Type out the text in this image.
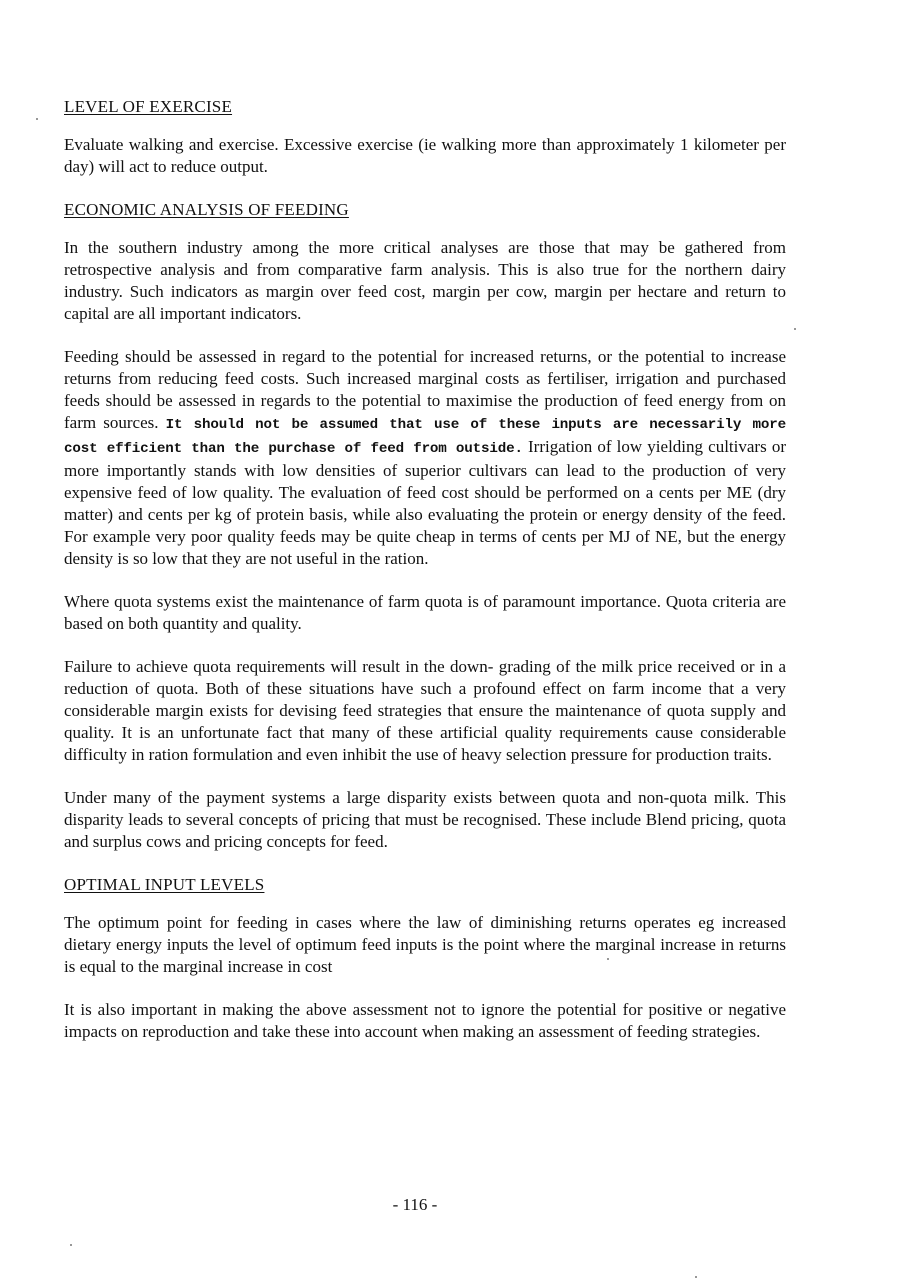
LEVEL OF EXERCISE

Evaluate walking and exercise. Excessive exercise (ie walking more than approximately 1 kilometer per day) will act to reduce output.

ECONOMIC ANALYSIS OF FEEDING

In the southern industry among the more critical analyses are those that may be gathered from retrospective analysis and from comparative farm analysis. This is also true for the northern dairy industry. Such indicators as margin over feed cost, margin per cow, margin per hectare and return to capital are all important indicators.

Feeding should be assessed in regard to the potential for increased returns, or the potential to increase returns from reducing feed costs. Such increased marginal costs as fertiliser, irrigation and purchased feeds should be assessed in regards to the potential to maximise the production of feed energy from on farm sources. It should not be assumed that use of these inputs are necessarily more cost efficient than the purchase of feed from outside. Irrigation of low yielding cultivars or more importantly stands with low densities of superior cultivars can lead to the production of very expensive feed of low quality. The evaluation of feed cost should be performed on a cents per ME (dry matter) and cents per kg of protein basis, while also evaluating the protein or energy density of the feed. For example very poor quality feeds may be quite cheap in terms of cents per MJ of NE, but the energy density is so low that they are not useful in the ration.

Where quota systems exist the maintenance of farm quota is of paramount importance. Quota criteria are based on both quantity and quality.

Failure to achieve quota requirements will result in the down- grading of the milk price received or in a reduction of quota. Both of these situations have such a profound effect on farm income that a very considerable margin exists for devising feed strategies that ensure the maintenance of quota supply and quality. It is an unfortunate fact that many of these artificial quality requirements cause considerable difficulty in ration formulation and even inhibit the use of heavy selection pressure for production traits.

Under many of the payment systems a large disparity exists between quota and non-quota milk. This disparity leads to several concepts of pricing that must be recognised. These include Blend pricing, quota and surplus cows and pricing concepts for feed.

OPTIMAL INPUT LEVELS

The optimum point for feeding in cases where the law of diminishing returns operates eg increased dietary energy inputs the level of optimum feed inputs is the point where the marginal increase in returns is equal to the marginal increase in cost

It is also important in making the above assessment not to ignore the potential for positive or negative impacts on reproduction and take these into account when making an assessment of feeding strategies.

- 116 -
